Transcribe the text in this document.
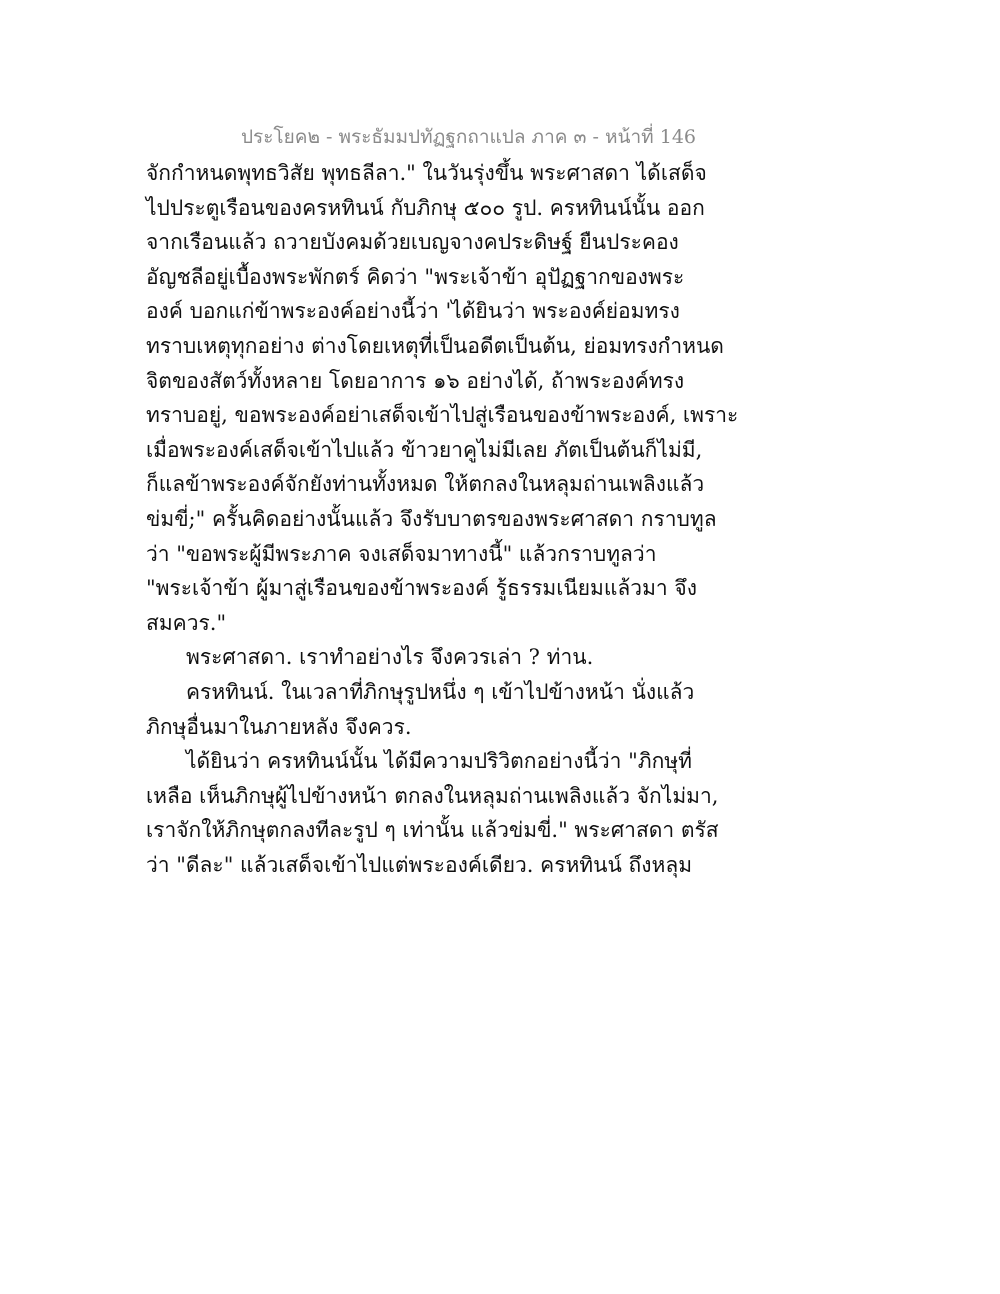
ประโยค๒ - พระธัมมปทัฏฐกถาแปล ภาค ๓ - หน้าที่ 146
จักกำหนดพุทธวิสัย พุทธลีลา." ในวันรุ่งขึ้น พระศาสดา ได้เสด็จ
ไปประตูเรือนของครหทินน์ กับภิกษุ ๕๐๐ รูป. ครหทินน์นั้น ออก
จากเรือนแล้ว ถวายบังคมด้วยเบญจางคประดิษฐ์ ยืนประคอง
อัญชลีอยู่เบื้องพระพักตร์ คิดว่า "พระเจ้าข้า อุปัฏฐากของพระ
องค์ บอกแก่ข้าพระองค์อย่างนี้ว่า 'ได้ยินว่า พระองค์ย่อมทรง
ทราบเหตุทุกอย่าง ต่างโดยเหตุที่เป็นอดีตเป็นต้น, ย่อมทรงกำหนด
จิตของสัตว์ทั้งหลาย โดยอาการ ๑๖ อย่างได้, ถ้าพระองค์ทรง
ทราบอยู่, ขอพระองค์อย่าเสด็จเข้าไปสู่เรือนของข้าพระองค์, เพราะ
เมื่อพระองค์เสด็จเข้าไปแล้ว ข้าวยาคูไม่มีเลย ภัตเป็นต้นก็ไม่มี,
ก็แลข้าพระองค์จักยังท่านทั้งหมด ให้ตกลงในหลุมถ่านเพลิงแล้ว
ข่มขี่;" ครั้นคิดอย่างนั้นแล้ว จึงรับบาตรของพระศาสดา กราบทูล
ว่า "ขอพระผู้มีพระภาค จงเสด็จมาทางนี้" แล้วกราบทูลว่า
"พระเจ้าข้า ผู้มาสู่เรือนของข้าพระองค์ รู้ธรรมเนียมแล้วมา จึง
สมควร."
พระศาสดา. เราทำอย่างไร จึงควรเล่า ? ท่าน.
ครหทินน์. ในเวลาที่ภิกษุรูปหนึ่ง ๆ เข้าไปข้างหน้า นั่งแล้ว
ภิกษุอื่นมาในภายหลัง จึงควร.
ได้ยินว่า ครหทินน์นั้น ได้มีความปริวิตกอย่างนี้ว่า "ภิกษุที่
เหลือ เห็นภิกษุผู้ไปข้างหน้า ตกลงในหลุมถ่านเพลิงแล้ว จักไม่มา,
เราจักให้ภิกษุตกลงทีละรูป ๆ เท่านั้น แล้วข่มขี่." พระศาสดา ตรัส
ว่า "ดีละ" แล้วเสด็จเข้าไปแต่พระองค์เดียว. ครหทินน์ ถึงหลุม
